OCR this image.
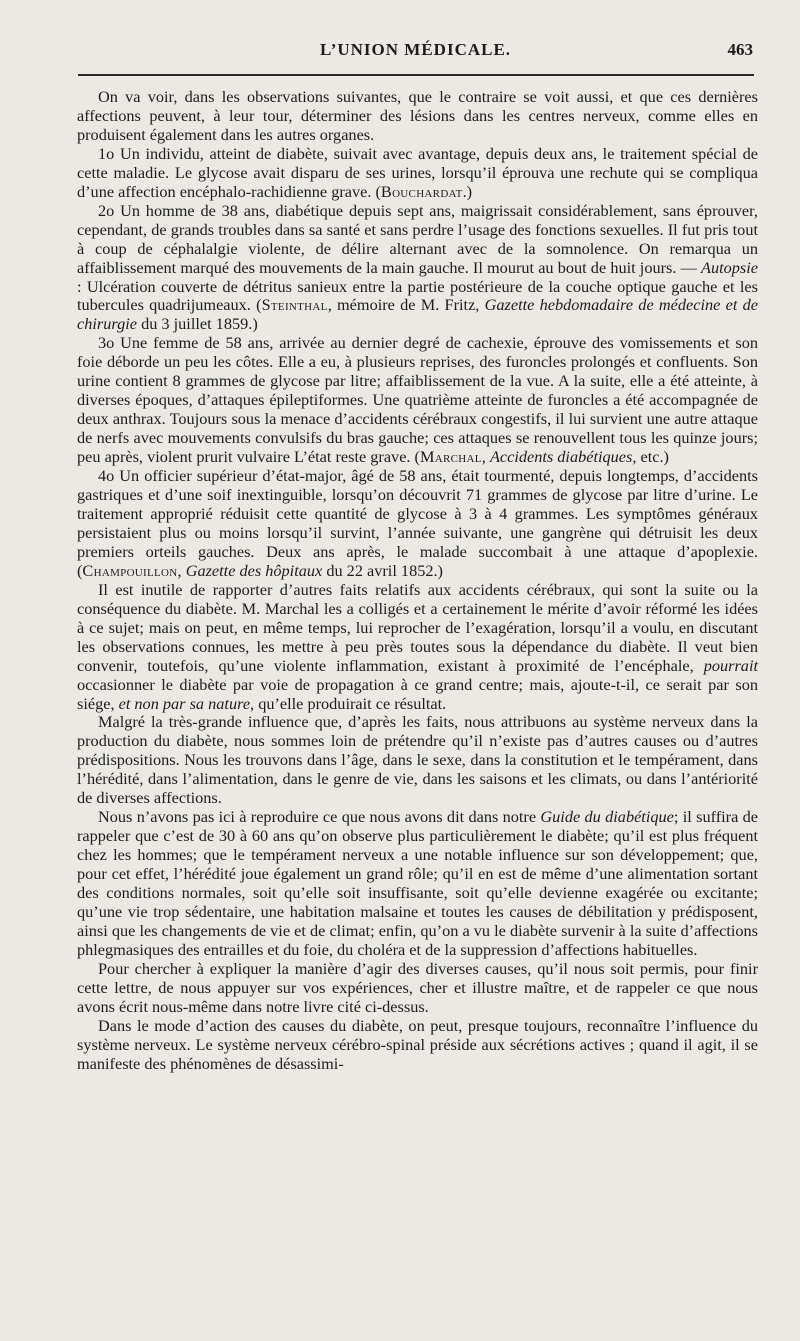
L’UNION MÉDICALE.	463

On va voir, dans les observations suivantes, que le contraire se voit aussi, et que ces dernières affections peuvent, à leur tour, déterminer des lésions dans les centres nerveux, comme elles en produisent également dans les autres organes.

1o Un individu, atteint de diabète, suivait avec avantage, depuis deux ans, le traitement spécial de cette maladie. Le glycose avait disparu de ses urines, lorsqu’il éprouva une rechute qui se compliqua d’une affection encéphalo-rachidienne grave. (Bouchardat.)

2o Un homme de 38 ans, diabétique depuis sept ans, maigrissait considérablement, sans éprouver, cependant, de grands troubles dans sa santé et sans perdre l’usage des fonctions sexuelles. Il fut pris tout à coup de céphalalgie violente, de délire alternant avec de la somnolence. On remarqua un affaiblissement marqué des mouvements de la main gauche. Il mourut au bout de huit jours. — Autopsie : Ulcération couverte de détritus sanieux entre la partie postérieure de la couche optique gauche et les tubercules quadrijumeaux. (Steinthal, mémoire de M. Fritz, Gazette hebdomadaire de médecine et de chirurgie du 3 juillet 1859.)

3o Une femme de 58 ans, arrivée au dernier degré de cachexie, éprouve des vomissements et son foie déborde un peu les côtes. Elle a eu, à plusieurs reprises, des furoncles prolongés et confluents. Son urine contient 8 grammes de glycose par litre; affaiblissement de la vue. A la suite, elle a été atteinte, à diverses époques, d’attaques épileptiformes. Une quatrième atteinte de furoncles a été accompagnée de deux anthrax. Toujours sous la menace d’accidents cérébraux congestifs, il lui survient une autre attaque de nerfs avec mouvements convulsifs du bras gauche; ces attaques se renouvellent tous les quinze jours; peu après, violent prurit vulvaire L’état reste grave. (Marchal, Accidents diabétiques, etc.)

4o Un officier supérieur d’état-major, âgé de 58 ans, était tourmenté, depuis longtemps, d’accidents gastriques et d’une soif inextinguible, lorsqu’on découvrit 71 grammes de glycose par litre d’urine. Le traitement approprié réduisit cette quantité de glycose à 3 à 4 grammes. Les symptômes généraux persistaient plus ou moins lorsqu’il survint, l’année suivante, une gangrène qui détruisit les deux premiers orteils gauches. Deux ans après, le malade succombait à une attaque d’apoplexie. (Champouillon, Gazette des hôpitaux du 22 avril 1852.)

Il est inutile de rapporter d’autres faits relatifs aux accidents cérébraux, qui sont la suite ou la conséquence du diabète. M. Marchal les a colligés et a certainement le mérite d’avoir réformé les idées à ce sujet; mais on peut, en même temps, lui reprocher de l’exagération, lorsqu’il a voulu, en discutant les observations connues, les mettre à peu près toutes sous la dépendance du diabète. Il veut bien convenir, toutefois, qu’une violente inflammation, existant à proximité de l’encéphale, pourrait occasionner le diabète par voie de propagation à ce grand centre; mais, ajoute-t-il, ce serait par son siége, et non par sa nature, qu’elle produirait ce résultat.

Malgré la très-grande influence que, d’après les faits, nous attribuons au système nerveux dans la production du diabète, nous sommes loin de prétendre qu’il n’existe pas d’autres causes ou d’autres prédispositions. Nous les trouvons dans l’âge, dans le sexe, dans la constitution et le tempérament, dans l’hérédité, dans l’alimentation, dans le genre de vie, dans les saisons et les climats, ou dans l’antériorité de diverses affections.

Nous n’avons pas ici à reproduire ce que nous avons dit dans notre Guide du diabétique; il suffira de rappeler que c’est de 30 à 60 ans qu’on observe plus particulièrement le diabète; qu’il est plus fréquent chez les hommes; que le tempérament nerveux a une notable influence sur son développement; que, pour cet effet, l’hérédité joue également un grand rôle; qu’il en est de même d’une alimentation sortant des conditions normales, soit qu’elle soit insuffisante, soit qu’elle devienne exagérée ou excitante; qu’une vie trop sédentaire, une habitation malsaine et toutes les causes de débilitation y prédisposent, ainsi que les changements de vie et de climat; enfin, qu’on a vu le diabète survenir à la suite d’affections phlegmasiques des entrailles et du foie, du choléra et de la suppression d’affections habituelles.

Pour chercher à expliquer la manière d’agir des diverses causes, qu’il nous soit permis, pour finir cette lettre, de nous appuyer sur vos expériences, cher et illustre maître, et de rappeler ce que nous avons écrit nous-même dans notre livre cité ci-dessus.

Dans le mode d’action des causes du diabète, on peut, presque toujours, reconnaître l’influence du système nerveux. Le système nerveux cérébro-spinal préside aux sécrétions actives ; quand il agit, il se manifeste des phénomènes de désassimi-
